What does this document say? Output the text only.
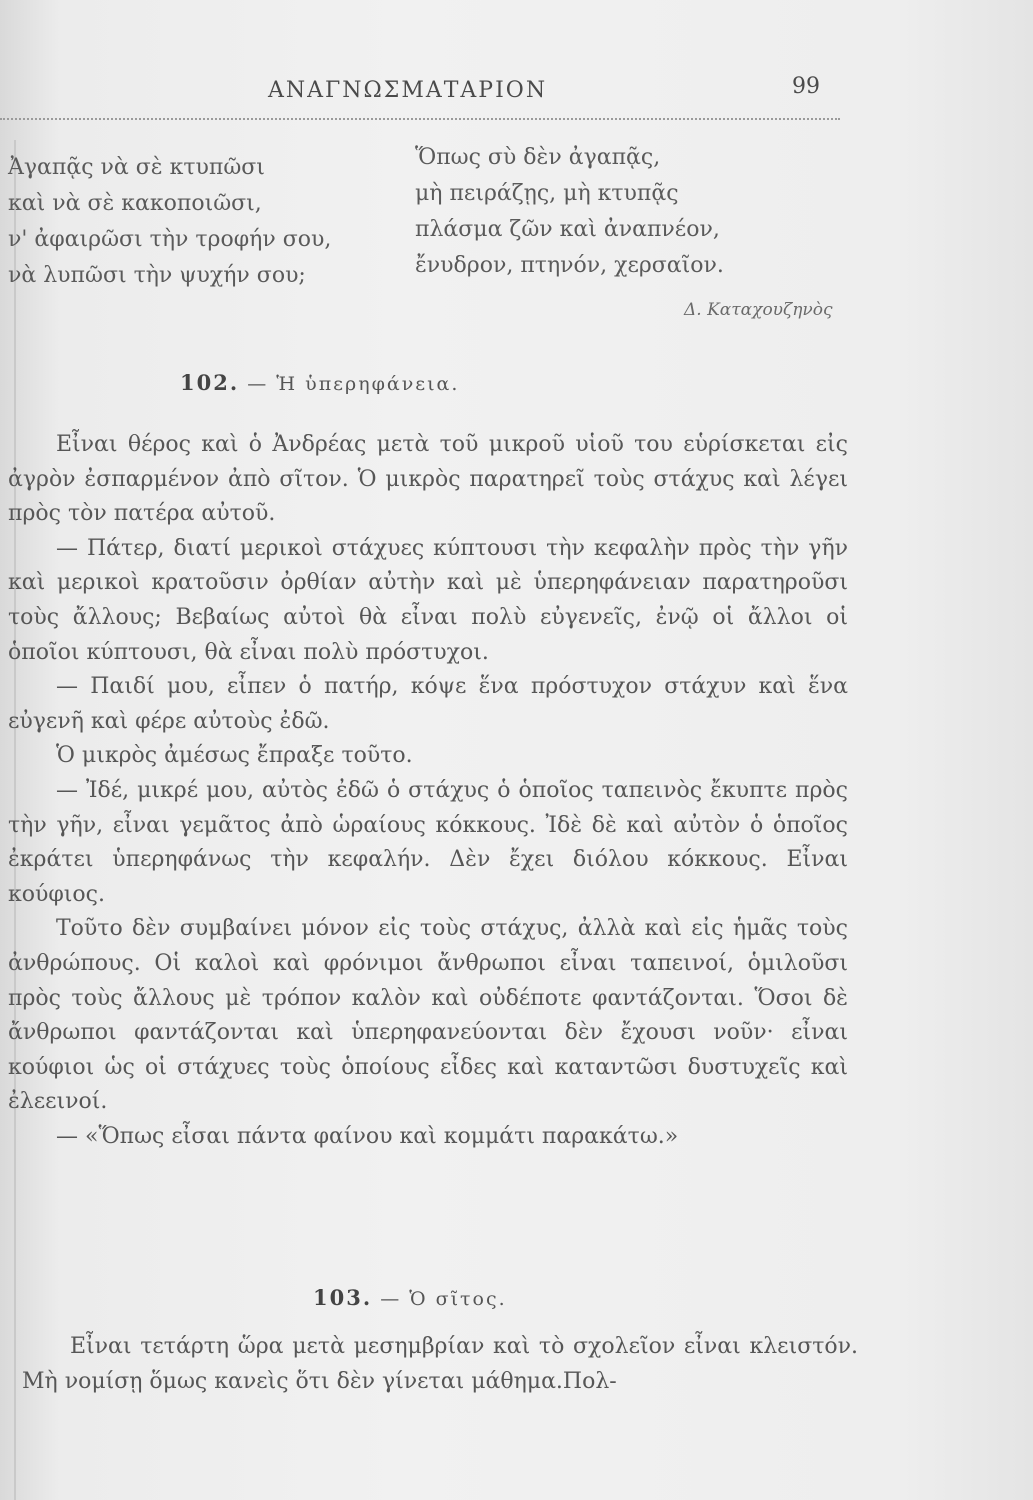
ΑΝΑΓΝΩΣΜΑΤΑΡΙΟΝ	99
Ἀγαπᾷς νὰ σὲ κτυπῶσι
καὶ νὰ σὲ κακοποιῶσι,
ν' ἀφαιρῶσι τὴν τροφήν σου,
νὰ λυπῶσι τὴν ψυχήν σου;
Ὅπως σὺ δὲν ἀγαπᾷς,
μὴ πειράζῃς, μὴ κτυπᾷς
πλάσμα ζῶν καὶ ἀναπνέον,
ἔνυδρον, πτηνόν, χερσαῖον.
Δ. Καταχουζηνὸς
102. — Ἡ ὑπερηφάνεια.

Εἶναι θέρος καὶ ὁ Ἀνδρέας μετὰ τοῦ μικροῦ υἱοῦ του εὑρίσκεται εἰς ἀγρὸν ἐσπαρμένον ἀπὸ σῖτον. Ὁ μικρὸς παρατηρεῖ τοὺς στάχυς καὶ λέγει πρὸς τὸν πατέρα αὐτοῦ.

— Πάτερ, διατί μερικοὶ στάχυες κύπτουσι τὴν κεφαλὴν πρὸς τὴν γῆν καὶ μερικοὶ κρατοῦσιν ὀρθίαν αὐτὴν καὶ μὲ ὑπερηφάνειαν παρατηροῦσι τοὺς ἄλλους; Βεβαίως αὐτοὶ θὰ εἶναι πολὺ εὐγενεῖς, ἐνῷ οἱ ἄλλοι οἱ ὁποῖοι κύπτουσι, θὰ εἶναι πολὺ πρόστυχοι.

— Παιδί μου, εἶπεν ὁ πατήρ, κόψε ἕνα πρόστυχον στάχυν καὶ ἕνα εὐγενῆ καὶ φέρε αὐτοὺς ἐδῶ.

Ὁ μικρὸς ἀμέσως ἔπραξε τοῦτο.

— Ἰδέ, μικρέ μου, αὐτὸς ἐδῶ ὁ στάχυς ὁ ὁποῖος ταπεινὸς ἔκυπτε πρὸς τὴν γῆν, εἶναι γεμᾶτος ἀπὸ ὡραίους κόκκους. Ἰδὲ δὲ καὶ αὐτὸν ὁ ὁποῖος ἐκράτει ὑπερηφάνως τὴν κεφαλήν. Δὲν ἔχει διόλου κόκκους. Εἶναι κούφιος.

Τοῦτο δὲν συμβαίνει μόνον εἰς τοὺς στάχυς, ἀλλὰ καὶ εἰς ἡμᾶς τοὺς ἀνθρώπους. Οἱ καλοὶ καὶ φρόνιμοι ἄνθρωποι εἶναι ταπεινοί, ὁμιλοῦσι πρὸς τοὺς ἄλλους μὲ τρόπον καλὸν καὶ οὐδέποτε φαντάζονται. Ὅσοι δὲ ἄνθρωποι φαντάζονται καὶ ὑπερηφανεύονται δὲν ἔχουσι νοῦν· εἶναι κούφιοι ὡς οἱ στάχυες τοὺς ὁποίους εἶδες καὶ καταντῶσι δυστυχεῖς καὶ ἐλεεινοί.

— «Ὅπως εἶσαι πάντα φαίνου καὶ κομμάτι παρακάτω.»

103. — Ὁ σῖτος.

Εἶναι τετάρτη ὥρα μετὰ μεσημβρίαν καὶ τὸ σχολεῖον εἶναι κλειστόν. Μὴ νομίσῃ ὅμως κανεὶς ὅτι δὲν γίνεται μάθημα.Πολ-
